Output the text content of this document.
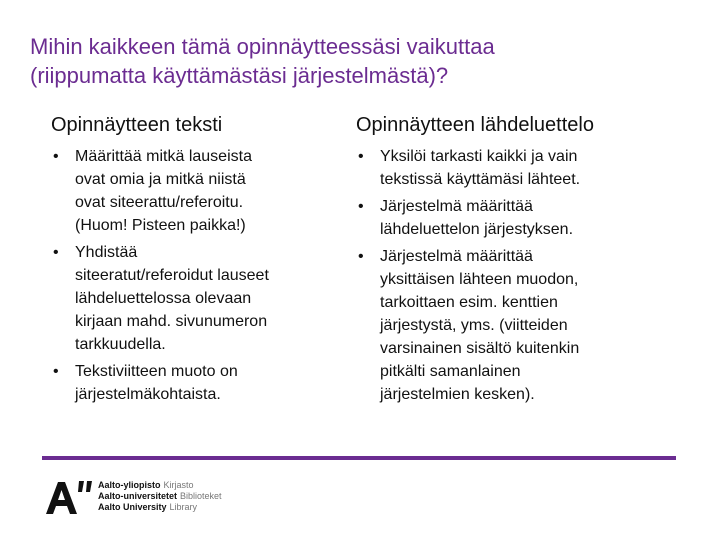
Mihin kaikkeen tämä opinnäytteessäsi vaikuttaa
(riippumatta käyttämästäsi järjestelmästä)?
Opinnäytteen teksti	Opinnäytteen lähdeluettelo
• Määrittää mitkä lauseista
ovat omia ja mitkä niistä
ovat siteerattu/referoitu.
(Huom! Pisteen paikka!)
• Yhdistää
siteeratut/referoidut lauseet
lähdeluettelossa olevaan
kirjaan mahd. sivunumeron
tarkkuudella.
• Tekstiviitteen muoto on
järjestelmäkohtaista.
• Yksilöi tarkasti kaikki ja vain
tekstissä käyttämäsi lähteet.
• Järjestelmä määrittää
lähdeluettelon järjestyksen.
• Järjestelmä määrittää
yksittäisen lähteen muodon,
tarkoittaen esim. kenttien
järjestystä, yms. (viitteiden
varsinainen sisältö kuitenkin
pitkälti samanlainen
järjestelmien kesken).
Aalto-yliopisto Kirjasto
Aalto-universitetet Biblioteket
Aalto University Library
